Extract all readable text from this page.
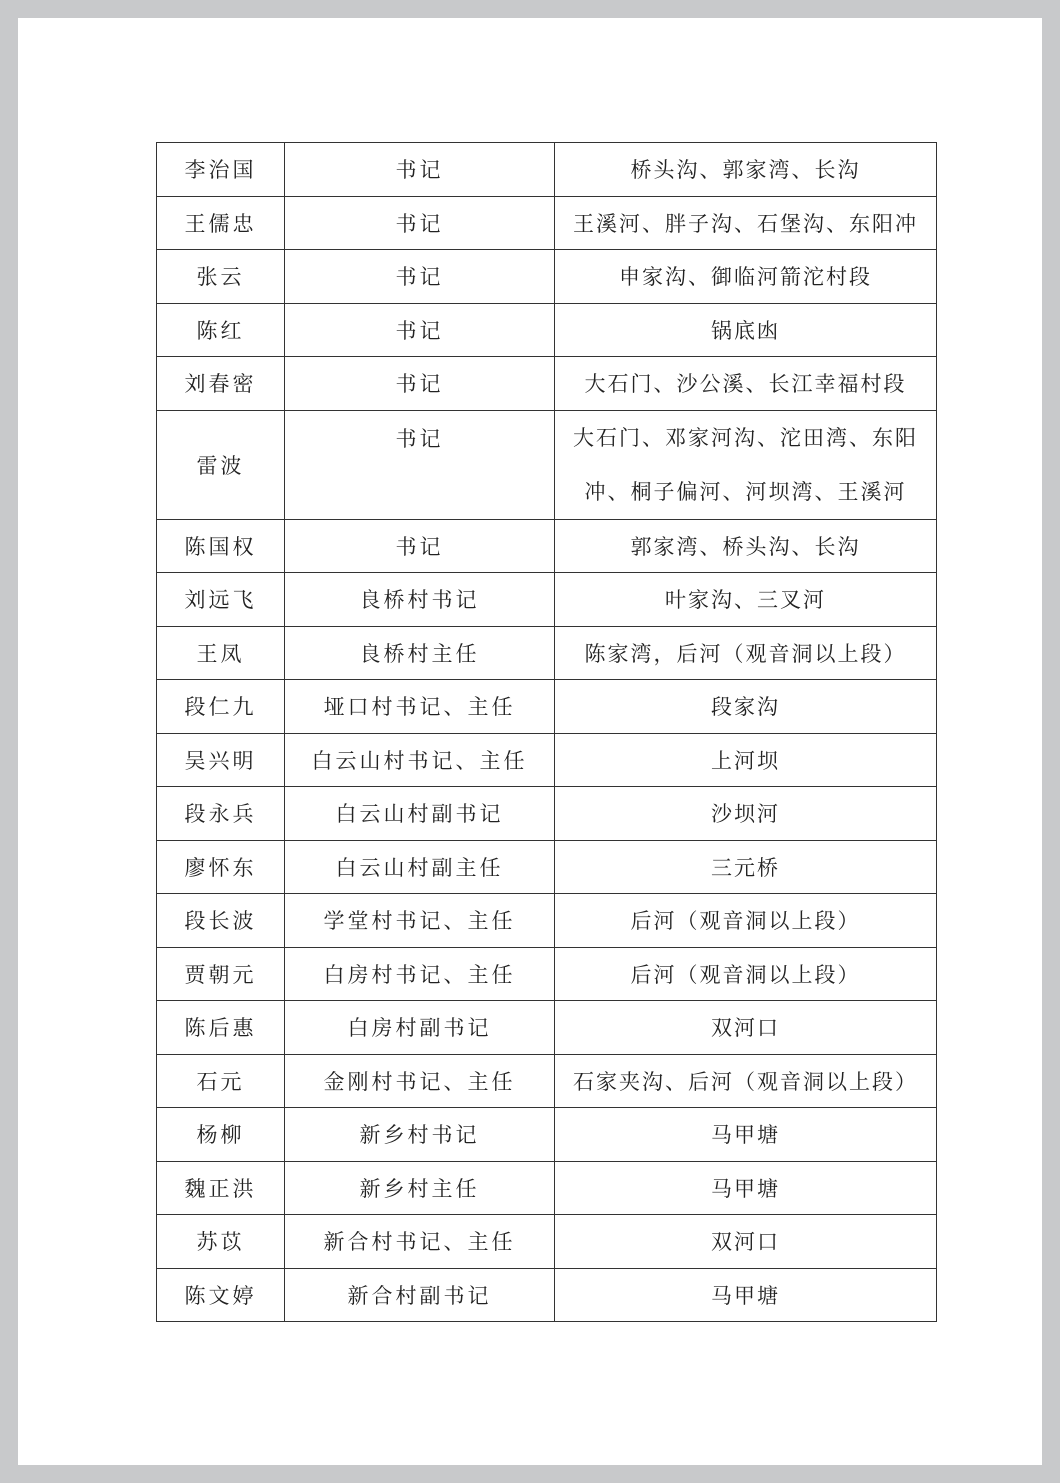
李治国	书记	桥头沟、郭家湾、长沟
王儒忠	书记	王溪河、胖子沟、石堡沟、东阳冲
张云	书记	申家沟、御临河箭沱村段
陈红	书记	锅底凼
刘春密	书记	大石门、沙公溪、长江幸福村段
雷波	书记	大石门、邓家河沟、沱田湾、东阳冲、桐子偏河、河坝湾、王溪河
陈国权	书记	郭家湾、桥头沟、长沟
刘远飞	良桥村书记	叶家沟、三叉河
王凤	良桥村主任	陈家湾，后河（观音洞以上段）
段仁九	垭口村书记、主任	段家沟
吴兴明	白云山村书记、主任	上河坝
段永兵	白云山村副书记	沙坝河
廖怀东	白云山村副主任	三元桥
段长波	学堂村书记、主任	后河（观音洞以上段）
贾朝元	白房村书记、主任	后河（观音洞以上段）
陈后惠	白房村副书记	双河口
石元	金刚村书记、主任	石家夹沟、后河（观音洞以上段）
杨柳	新乡村书记	马甲塘
魏正洪	新乡村主任	马甲塘
苏苡	新合村书记、主任	双河口
陈文婷	新合村副书记	马甲塘
